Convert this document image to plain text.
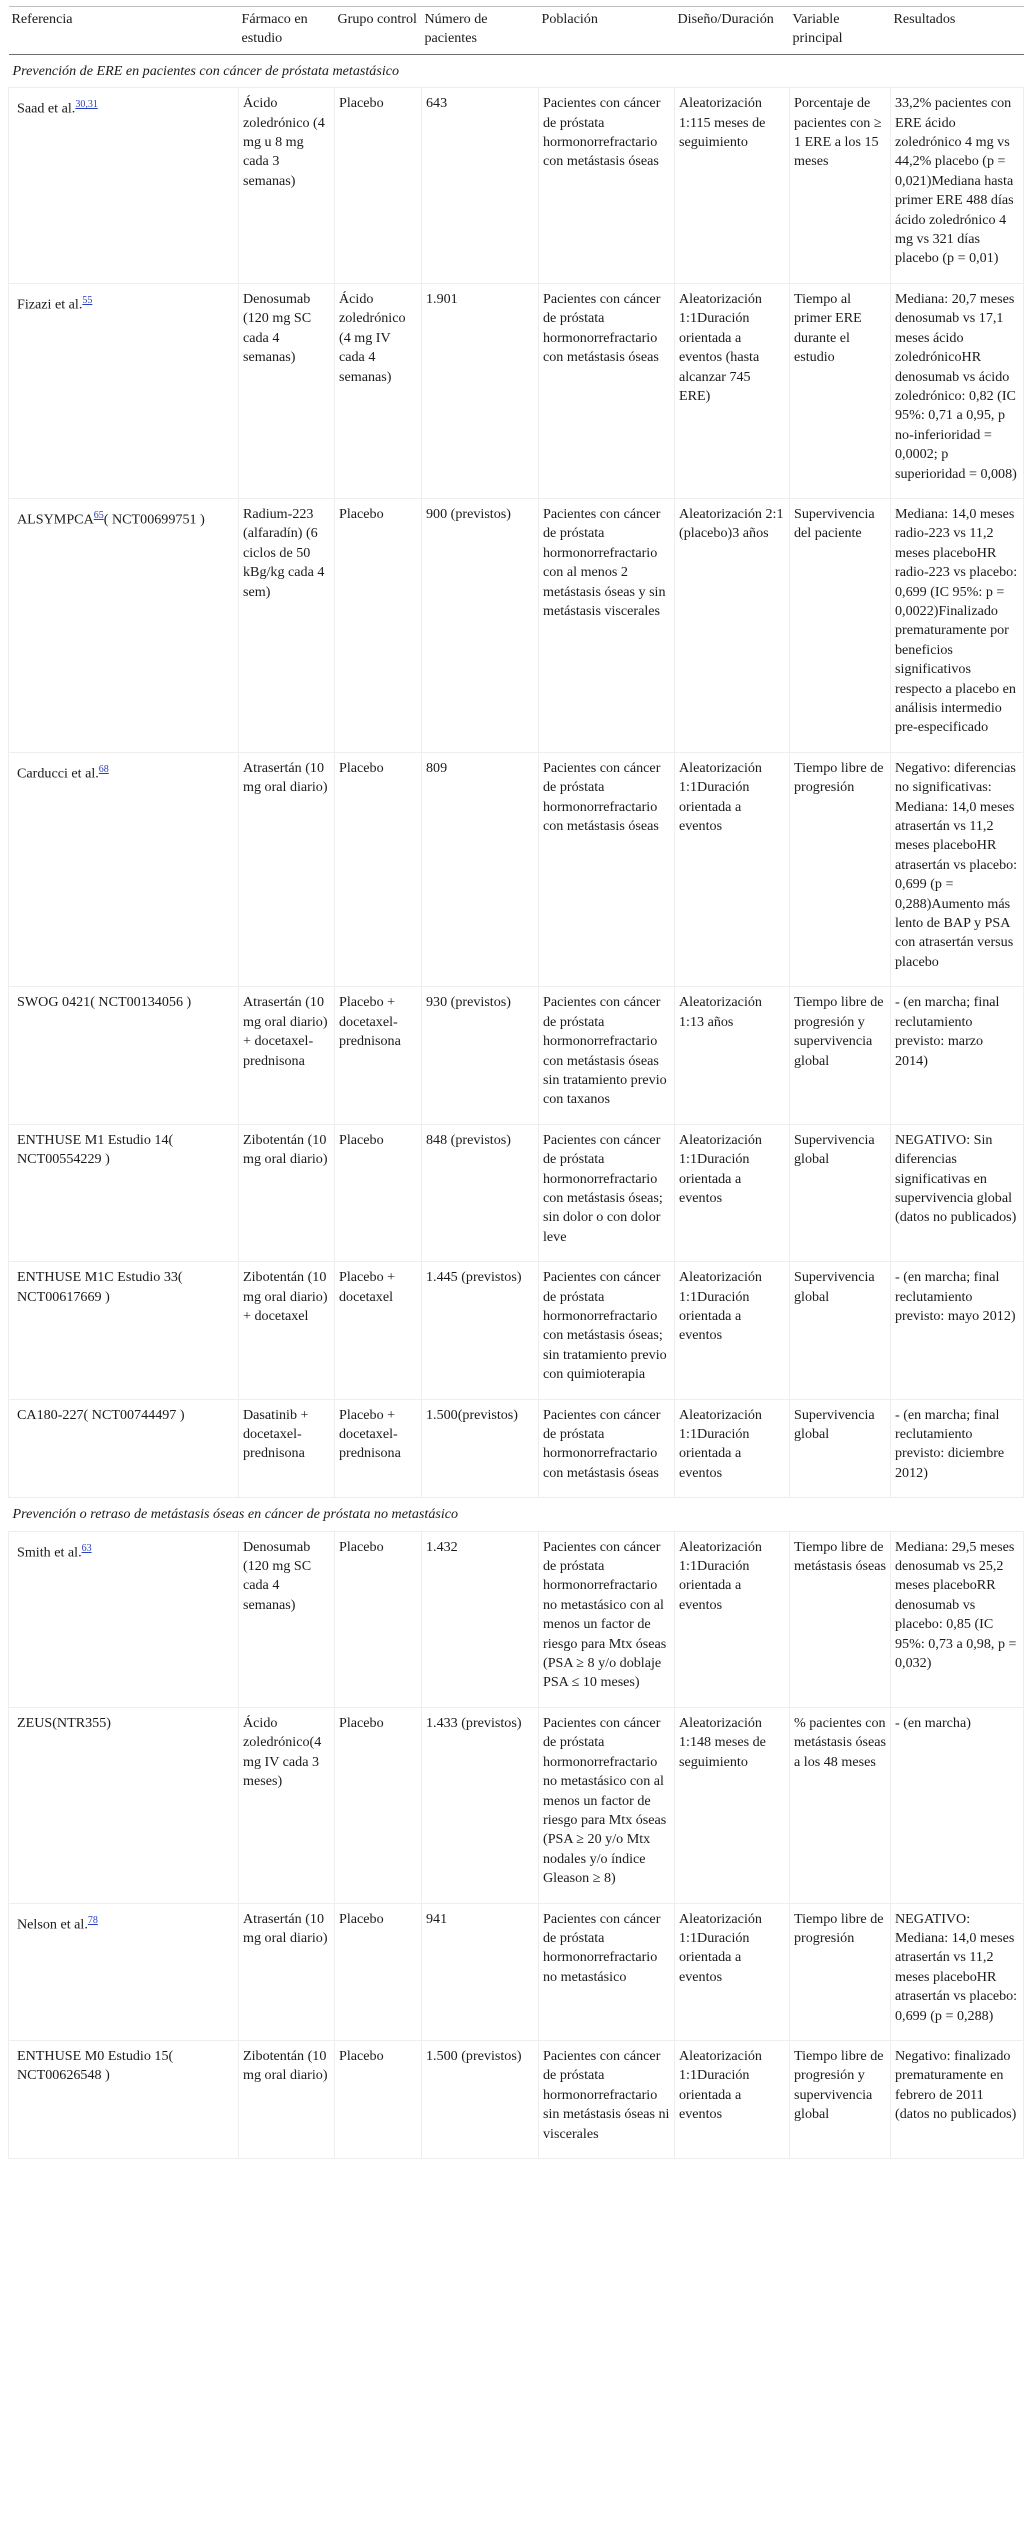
Referencia	Fármaco en estudio	Grupo control	Número de pacientes	Población	Diseño/Duración	Variable principal	Resultados
Prevención de ERE en pacientes con cáncer de próstata metastásico							
Saad et al.$^{30,31}$	Ácido zoledrónico (4 mg u 8 mg cada 3 semanas)	Placebo	643	Pacientes con cáncer de próstata hormonorrefractario con metástasis óseas	Aleatorización 1:115 meses de seguimiento	Porcentaje de pacientes con ≥ 1 ERE a los 15 meses	33,2% pacientes con ERE ácido zoledrónico 4 mg vs 44,2% placebo (p = 0,021)Mediana hasta primer ERE 488 días ácido zoledrónico 4 mg vs 321 días placebo (p = 0,01)
Fizazi et al.$^{55}$	Denosumab (120 mg SC cada 4 semanas)	Ácido zoledrónico (4 mg IV cada 4 semanas)	1.901	Pacientes con cáncer de próstata hormonorrefractario con metástasis óseas	Aleatorización 1:1Duración orientada a eventos (hasta alcanzar 745 ERE)	Tiempo al primer ERE durante el estudio	Mediana: 20,7 meses denosumab vs 17,1 meses ácido zoledrónicoHR denosumab vs ácido zoledrónico: 0,82 (IC 95%: 0,71 a 0,95, p no-inferioridad = 0,0002; p superioridad = 0,008)
ALSYMPCA$^{65}$( NCT00699751 )	Radium-223 (alfaradín) (6 ciclos de 50 kBg/kg cada 4 sem)	Placebo	900 (previstos)	Pacientes con cáncer de próstata hormonorrefractario con al menos 2 metástasis óseas y sin metástasis viscerales	Aleatorización 2:1 (placebo)3 años	Supervivencia del paciente	Mediana: 14,0 meses radio-223 vs 11,2 meses placeboHR radio-223 vs placebo: 0,699 (IC 95%: p = 0,0022)Finalizado prematuramente por beneficios significativos respecto a placebo en análisis intermedio pre-especificado
Carducci et al.$^{68}$	Atrasertán (10 mg oral diario)	Placebo	809	Pacientes con cáncer de próstata hormonorrefractario con metástasis óseas	Aleatorización 1:1Duración orientada a eventos	Tiempo libre de progresión	Negativo: diferencias no significativas: Mediana: 14,0 meses atrasertán vs 11,2 meses placeboHR atrasertán vs placebo: 0,699 (p = 0,288)Aumento más lento de BAP y PSA con atrasertán versus placebo
SWOG 0421( NCT00134056 )	Atrasertán (10 mg oral diario) + docetaxel-prednisona	Placebo + docetaxel-prednisona	930 (previstos)	Pacientes con cáncer de próstata hormonorrefractario con metástasis óseas sin tratamiento previo con taxanos	Aleatorización 1:13 años	Tiempo libre de progresión y supervivencia global	- (en marcha; final reclutamiento previsto: marzo 2014)
ENTHUSE M1 Estudio 14( NCT00554229 )	Zibotentán (10 mg oral diario)	Placebo	848 (previstos)	Pacientes con cáncer de próstata hormonorrefractario con metástasis óseas; sin dolor o con dolor leve	Aleatorización 1:1Duración orientada a eventos	Supervivencia global	NEGATIVO: Sin diferencias significativas en supervivencia global (datos no publicados)
ENTHUSE M1C Estudio 33( NCT00617669 )	Zibotentán (10 mg oral diario) + docetaxel	Placebo + docetaxel	1.445 (previstos)	Pacientes con cáncer de próstata hormonorrefractario con metástasis óseas; sin tratamiento previo con quimioterapia	Aleatorización 1:1Duración orientada a eventos	Supervivencia global	- (en marcha; final reclutamiento previsto: mayo 2012)
CA180-227( NCT00744497 )	Dasatinib + docetaxel-prednisona	Placebo + docetaxel-prednisona	1.500(previstos)	Pacientes con cáncer de próstata hormonorrefractario con metástasis óseas	Aleatorización 1:1Duración orientada a eventos	Supervivencia global	- (en marcha; final reclutamiento previsto: diciembre 2012)
Prevención o retraso de metástasis óseas en cáncer de próstata no metastásico							
Smith et al.$^{63}$	Denosumab (120 mg SC cada 4 semanas)	Placebo	1.432	Pacientes con cáncer de próstata hormonorrefractario no metastásico con al menos un factor de riesgo para Mtx óseas (PSA ≥ 8 y/o doblaje PSA ≤ 10 meses)	Aleatorización 1:1Duración orientada a eventos	Tiempo libre de metástasis óseas	Mediana: 29,5 meses denosumab vs 25,2 meses placeboRR denosumab vs placebo: 0,85 (IC 95%: 0,73 a 0,98, p = 0,032)
ZEUS(NTR355)	Ácido zoledrónico(4 mg IV cada 3 meses)	Placebo	1.433 (previstos)	Pacientes con cáncer de próstata hormonorrefractario no metastásico con al menos un factor de riesgo para Mtx óseas (PSA ≥ 20 y/o Mtx nodales y/o índice Gleason ≥ 8)	Aleatorización 1:148 meses de seguimiento	% pacientes con metástasis óseas a los 48 meses	- (en marcha)
Nelson et al.$^{78}$	Atrasertán (10 mg oral diario)	Placebo	941	Pacientes con cáncer de próstata hormonorrefractario no metastásico	Aleatorización 1:1Duración orientada a eventos	Tiempo libre de progresión	NEGATIVO: Mediana: 14,0 meses atrasertán vs 11,2 meses placeboHR atrasertán vs placebo: 0,699 (p = 0,288)
ENTHUSE M0 Estudio 15( NCT00626548 )	Zibotentán (10 mg oral diario)	Placebo	1.500 (previstos)	Pacientes con cáncer de próstata hormonorrefractario sin metástasis óseas ni viscerales	Aleatorización 1:1Duración orientada a eventos	Tiempo libre de progresión y supervivencia global	Negativo: finalizado prematuramente en febrero de 2011 (datos no publicados)
